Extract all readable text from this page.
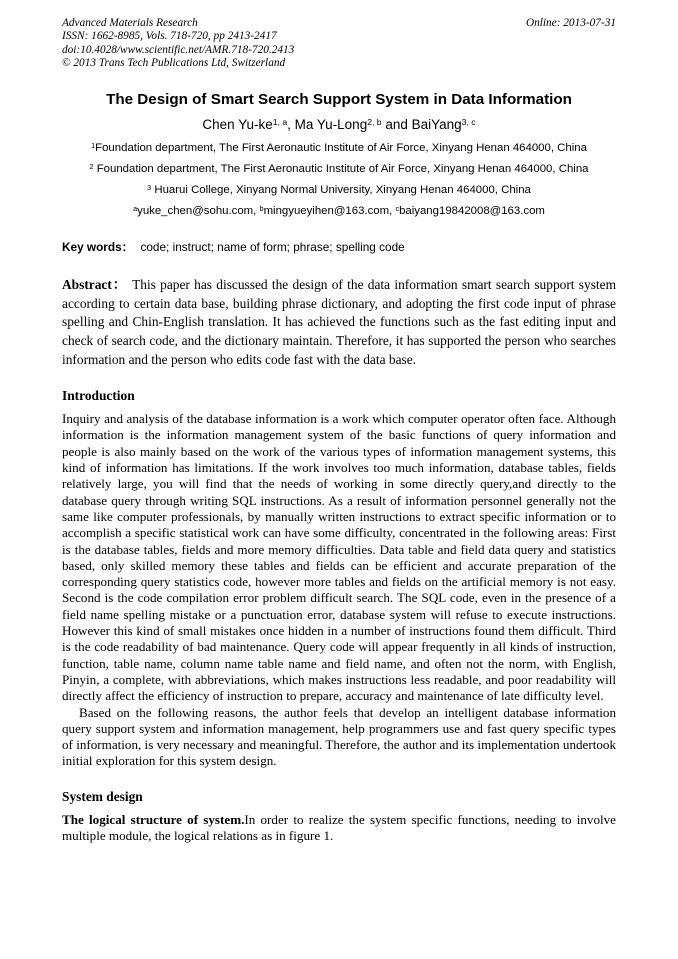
Advanced Materials Research
ISSN: 1662-8985, Vols. 718-720, pp 2413-2417
doi:10.4028/www.scientific.net/AMR.718-720.2413
© 2013 Trans Tech Publications Ltd, Switzerland
Online: 2013-07-31
The Design of Smart Search Support System in Data Information
Chen Yu-ke$^{1, a}$, Ma Yu-Long$^{2, b}$ and BaiYang$^{3, c}$
$^1$Foundation department, The First Aeronautic Institute of Air Force, Xinyang Henan 464000, China
$^2$ Foundation department, The First Aeronautic Institute of Air Force, Xinyang Henan 464000, China
$^3$ Huarui College, Xinyang Normal University, Xinyang Henan 464000, China
$^a$yuke_chen@sohu.com, $^b$mingyueyihen@163.com, $^c$baiyang19842008@163.com
Key words： code; instruct; name of form; phrase; spelling code

Abstract： This paper has discussed the design of the data information smart search support system according to certain data base, building phrase dictionary, and adopting the first code input of phrase spelling and Chin-English translation. It has achieved the functions such as the fast editing input and check of search code, and the dictionary maintain. Therefore, it has supported the person who searches information and the person who edits code fast with the data base.

Introduction

Inquiry and analysis of the database information is a work which computer operator often face. Although information is the information management system of the basic functions of query information and people is also mainly based on the work of the various types of information management systems, this kind of information has limitations. If the work involves too much information, database tables, fields relatively large, you will find that the needs of working in some directly query,and directly to the database query through writing SQL instructions. As a result of information personnel generally not the same like computer professionals, by manually written instructions to extract specific information or to accomplish a specific statistical work can have some difficulty, concentrated in the following areas: First is the database tables, fields and more memory difficulties. Data table and field data query and statistics based, only skilled memory these tables and fields can be efficient and accurate preparation of the corresponding query statistics code, however more tables and fields on the artificial memory is not easy. Second is the code compilation error problem difficult search. The SQL code, even in the presence of a field name spelling mistake or a punctuation error, database system will refuse to execute instructions. However this kind of small mistakes once hidden in a number of instructions found them difficult. Third is the code readability of bad maintenance. Query code will appear frequently in all kinds of instruction, function, table name, column name table name and field name, and often not the norm, with English, Pinyin, a complete, with abbreviations, which makes instructions less readable, and poor readability will directly affect the efficiency of instruction to prepare, accuracy and maintenance of late difficulty level.

Based on the following reasons, the author feels that develop an intelligent database information query support system and information management, help programmers use and fast query specific types of information, is very necessary and meaningful. Therefore, the author and its implementation undertook initial exploration for this system design.

System design

The logical structure of system.In order to realize the system specific functions, needing to involve multiple module, the logical relations as in figure 1.
